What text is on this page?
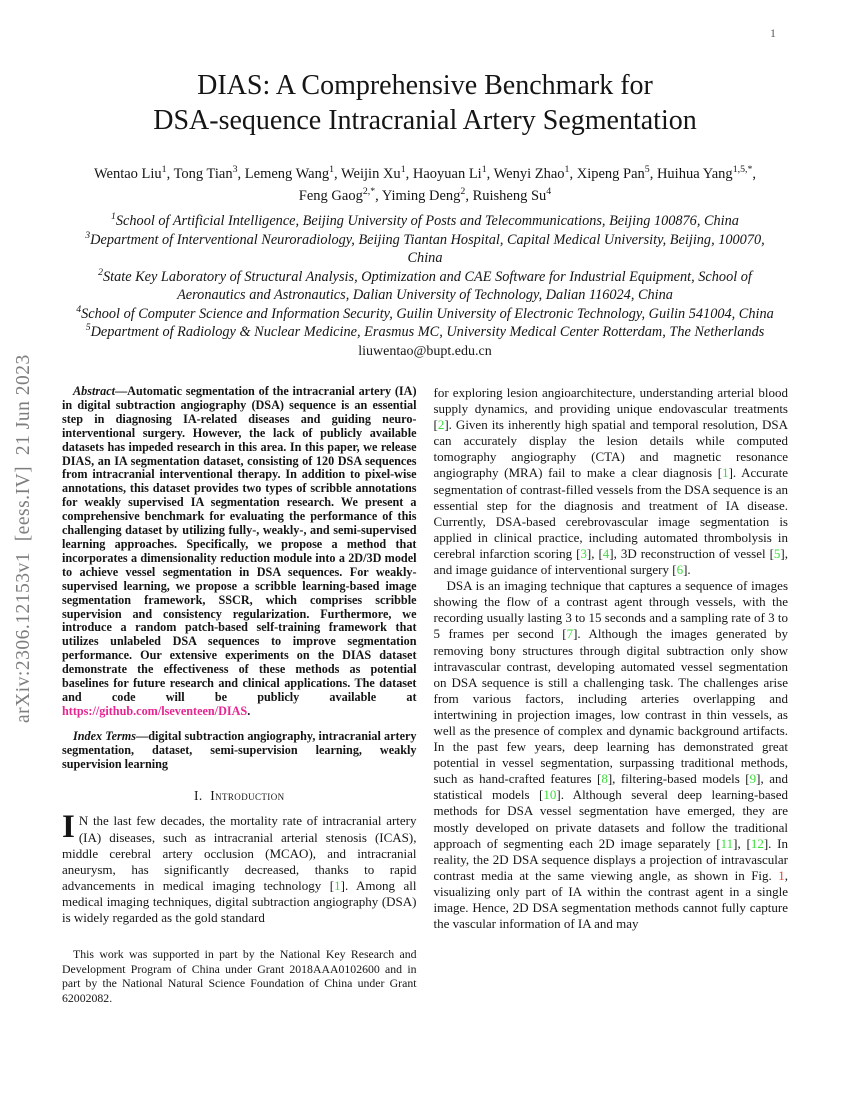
1
arXiv:2306.12153v1  [eess.IV]  21 Jun 2023
DIAS: A Comprehensive Benchmark for
DSA-sequence Intracranial Artery Segmentation
Wentao Liu$^1$, Tong Tian$^3$, Lemeng Wang$^1$, Weijin Xu$^1$, Haoyuan Li$^1$, Wenyi Zhao$^1$, Xipeng Pan$^5$, Huihua Yang$^{1,5,*}$, Feng Gaog$^{2,*}$, Yiming Deng$^2$, Ruisheng Su$^4$
$^1$School of Artificial Intelligence, Beijing University of Posts and Telecommunications, Beijing 100876, China
$^3$Department of Interventional Neuroradiology, Beijing Tiantan Hospital, Capital Medical University, Beijing, 100070, China
$^2$State Key Laboratory of Structural Analysis, Optimization and CAE Software for Industrial Equipment, School of Aeronautics and Astronautics, Dalian University of Technology, Dalian 116024, China
$^4$School of Computer Science and Information Security, Guilin University of Electronic Technology, Guilin 541004, China
$^5$Department of Radiology & Nuclear Medicine, Erasmus MC, University Medical Center Rotterdam, The Netherlands
liuwentao@bupt.edu.cn

Abstract—Automatic segmentation of the intracranial artery (IA) in digital subtraction angiography (DSA) sequence is an essential step in diagnosing IA-related diseases and guiding neuro-interventional surgery. However, the lack of publicly available datasets has impeded research in this area. In this paper, we release DIAS, an IA segmentation dataset, consisting of 120 DSA sequences from intracranial interventional therapy. In addition to pixel-wise annotations, this dataset provides two types of scribble annotations for weakly supervised IA segmentation research. We present a comprehensive benchmark for evaluating the performance of this challenging dataset by utilizing fully-, weakly-, and semi-supervised learning approaches. Specifically, we propose a method that incorporates a dimensionality reduction module into a 2D/3D model to achieve vessel segmentation in DSA sequences. For weakly-supervised learning, we propose a scribble learning-based image segmentation framework, SSCR, which comprises scribble supervision and consistency regularization. Furthermore, we introduce a random patch-based self-training framework that utilizes unlabeled DSA sequences to improve segmentation performance. Our extensive experiments on the DIAS dataset demonstrate the effectiveness of these methods as potential baselines for future research and clinical applications. The dataset and code will be publicly available at https://github.com/lseventeen/DIAS.

Index Terms—digital subtraction angiography, intracranial artery segmentation, dataset, semi-supervision learning, weakly supervision learning

I.  Introduction

I N the last few decades, the mortality rate of intracranial artery (IA) diseases, such as intracranial arterial stenosis (ICAS), middle cerebral artery occlusion (MCAO), and intracranial aneurysm, has significantly decreased, thanks to rapid advancements in medical imaging technology [1]. Among all medical imaging techniques, digital subtraction angiography (DSA) is widely regarded as the gold standard

This work was supported in part by the National Key Research and Development Program of China under Grant 2018AAA0102600 and in part by the National Natural Science Foundation of China under Grant 62002082.

for exploring lesion angioarchitecture, understanding arterial blood supply dynamics, and providing unique endovascular treatments [2]. Given its inherently high spatial and temporal resolution, DSA can accurately display the lesion details while computed tomography angiography (CTA) and magnetic resonance angiography (MRA) fail to make a clear diagnosis [1]. Accurate segmentation of contrast-filled vessels from the DSA sequence is an essential step for the diagnosis and treatment of IA disease. Currently, DSA-based cerebrovascular image segmentation is applied in clinical practice, including automated thrombolysis in cerebral infarction scoring [3], [4], 3D reconstruction of vessel [5], and image guidance of interventional surgery [6].

DSA is an imaging technique that captures a sequence of images showing the flow of a contrast agent through vessels, with the recording usually lasting 3 to 15 seconds and a sampling rate of 3 to 5 frames per second [7]. Although the images generated by removing bony structures through digital subtraction only show intravascular contrast, developing automated vessel segmentation on DSA sequence is still a challenging task. The challenges arise from various factors, including arteries overlapping and intertwining in projection images, low contrast in thin vessels, as well as the presence of complex and dynamic background artifacts. In the past few years, deep learning has demonstrated great potential in vessel segmentation, surpassing traditional methods, such as hand-crafted features [8], filtering-based models [9], and statistical models [10]. Although several deep learning-based methods for DSA vessel segmentation have emerged, they are mostly developed on private datasets and follow the traditional approach of segmenting each 2D image separately [11], [12]. In reality, the 2D DSA sequence displays a projection of intravascular contrast media at the same viewing angle, as shown in Fig. 1, visualizing only part of IA within the contrast agent in a single image. Hence, 2D DSA segmentation methods cannot fully capture the vascular information of IA and may
